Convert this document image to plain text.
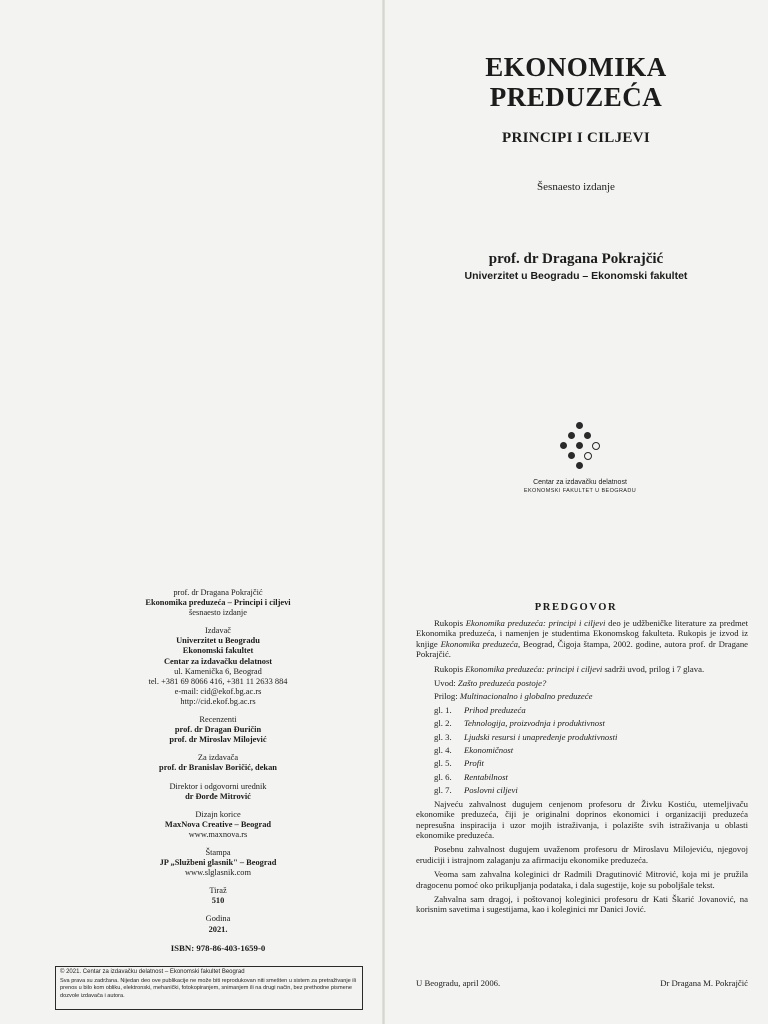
prof. dr Dragana Pokrajčić
Ekonomika preduzeća – Principi i ciljevi
šesnaesto izdanje
Izdavač
Univerzitet u Beogradu
Ekonomski fakultet
Centar za izdavačku delatnost
ul. Kamenička 6, Beograd
tel. +381 69 8066 416, +381 11 2633 884
e-mail: cid@ekof.bg.ac.rs
http://cid.ekof.bg.ac.rs
Recenzenti
prof. dr Dragan Đuričin
prof. dr Miroslav Milojević
Za izdavača
prof. dr Branislav Boričić, dekan
Direktor i odgovorni urednik
dr Đorđe Mitrović
Dizajn korice
MaxNova Creative – Beograd
www.maxnova.rs
Štampa
JP „Službeni glasnik" – Beograd
www.slglasnik.com
Tiraž
510
Godina
2021.
ISBN: 978-86-403-1659-0
© 2021. Centar za izdavačku delatnost – Ekonomski fakultet Beograd
Sva prava su zadržana. Nijedan deo ove publikacije ne može biti reprodukovan niti smešten u sistem za pretraživanje ili prenos u bilo kom obliku, elektronski, mehanički, fotokopiranjem, snimanjem ili na drugi način, bez prethodne pismene dozvole izdavača i autora.
EKONOMIKA
PREDUZEĆA
PRINCIPI I CILJEVI
Šesnaesto izdanje
prof. dr Dragana Pokrajčić
Univerzitet u Beogradu – Ekonomski fakultet
Centar za izdavačku delatnost
EKONOMSKI FAKULTET U BEOGRADU
PREDGOVOR

Rukopis Ekonomika preduzeća: principi i ciljevi deo je udžbeničke literature za predmet Ekonomika preduzeća, i namenjen je studentima Ekonomskog fakulteta. Rukopis je izvod iz knjige Ekonomika preduzeća, Beograd, Čigoja štampa, 2002. godine, autora prof. dr Dragane Pokrajčić.

Rukopis Ekonomika preduzeća: principi i ciljevi sadrži uvod, prilog i 7 glava.

Uvod: Zašto preduzeća postoje?
Prilog: Multinacionalno i globalno preduzeće
gl. 1. Prihod preduzeća
gl. 2. Tehnologija, proizvodnja i produktivnost
gl. 3. Ljudski resursi i unapređenje produktivnosti
gl. 4. Ekonomičnost
gl. 5. Profit
gl. 6. Rentabilnost
gl. 7. Poslovni ciljevi

Najveću zahvalnost dugujem cenjenom profesoru dr Živku Kostiću, utemeljivaču ekonomike preduzeća, čiji je originalni doprinos ekonomici i organizaciji preduzeća nepresušna inspiracija i uzor mojih istraživanja, i polazište svih istraživanja u oblasti ekonomike preduzeća.

Posebnu zahvalnost dugujem uvaženom profesoru dr Miroslavu Milojeviću, njegovoj erudiciji i istrajnom zalaganju za afirmaciju ekonomike preduzeća.

Veoma sam zahvalna koleginici dr Radmili Dragutinović Mitrović, koja mi je pružila dragocenu pomoć oko prikupljanja podataka, i dala sugestije, koje su poboljšale tekst.

Zahvalna sam dragoj, i poštovanoj koleginici profesoru dr Kati Škarić Jovanović, na korisnim savetima i sugestijama, kao i koleginici mr Danici Jović.

U Beogradu, april 2006.	Dr Dragana M. Pokrajčić
